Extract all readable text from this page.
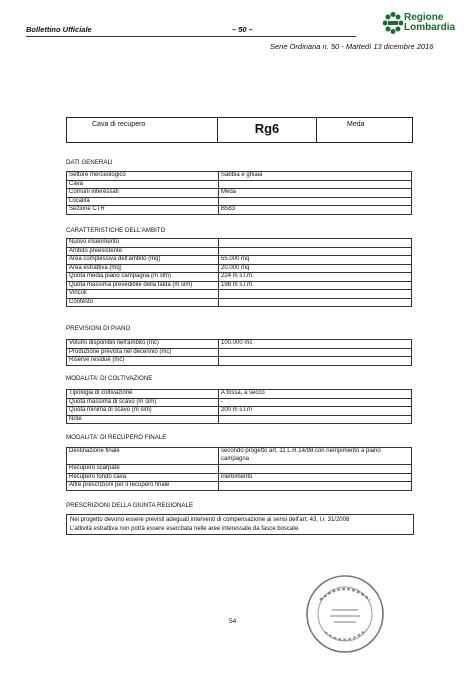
Bollettino Ufficiale	– 50 –
Regione
Lombardia
Serie Ordinaria n. 50 - Martedì 13 dicembre 2016
Cava di recupero	Rg6	Meda
DATI GENERALI
Settore merceologico	Sabbia e ghiaia
Cava	
Comuni interessati	Meda
Località	
Sezione CTR	B583
CARATTERISTICHE DELL'AMBITO
Nuovo inserimento	
Ambito preesistente	
Area complessiva dell'ambito (mq)	55.000 mq
Area estrattiva (mq)	20.000 mq
Quota media piano campagna (m slm)	224 m s.l.m.
Quota massima prevedibile della falda (m slm)	198 m s.l.m.
Vincoli	
Contesto	
PREVISIONI DI PIANO
Volumi disponibili nell'ambito (mc)	100.000 mc
Produzione prevista nel decennio (mc)	
Riserve residue (mc)	
MODALITA' DI COLTIVAZIONE
Tipologia di coltivazione	A fossa, a secco
Quota massima di scavo (m slm)	-
Quota minima di scavo (m slm)	200 m s.l.m
Note	
MODALITA' DI RECUPERO FINALE
Destinazione finale	secondo progetto art. 11 L.R.14/98 con riempimento a piano campagna
Recupero scarpate	
Recupero fondo cava	inerbimento
Altre prescrizioni per il recupero finale	
PRESCRIZIONI DELLA GIUNTA REGIONALE
Nel progetto devono essere previsti adeguati interventi di compensazione ai sensi dell'art. 43, l.r. 31/2008
L'attività estrattiva non potrà essere esercitata nelle aree interessate da fasce boscate.
54
